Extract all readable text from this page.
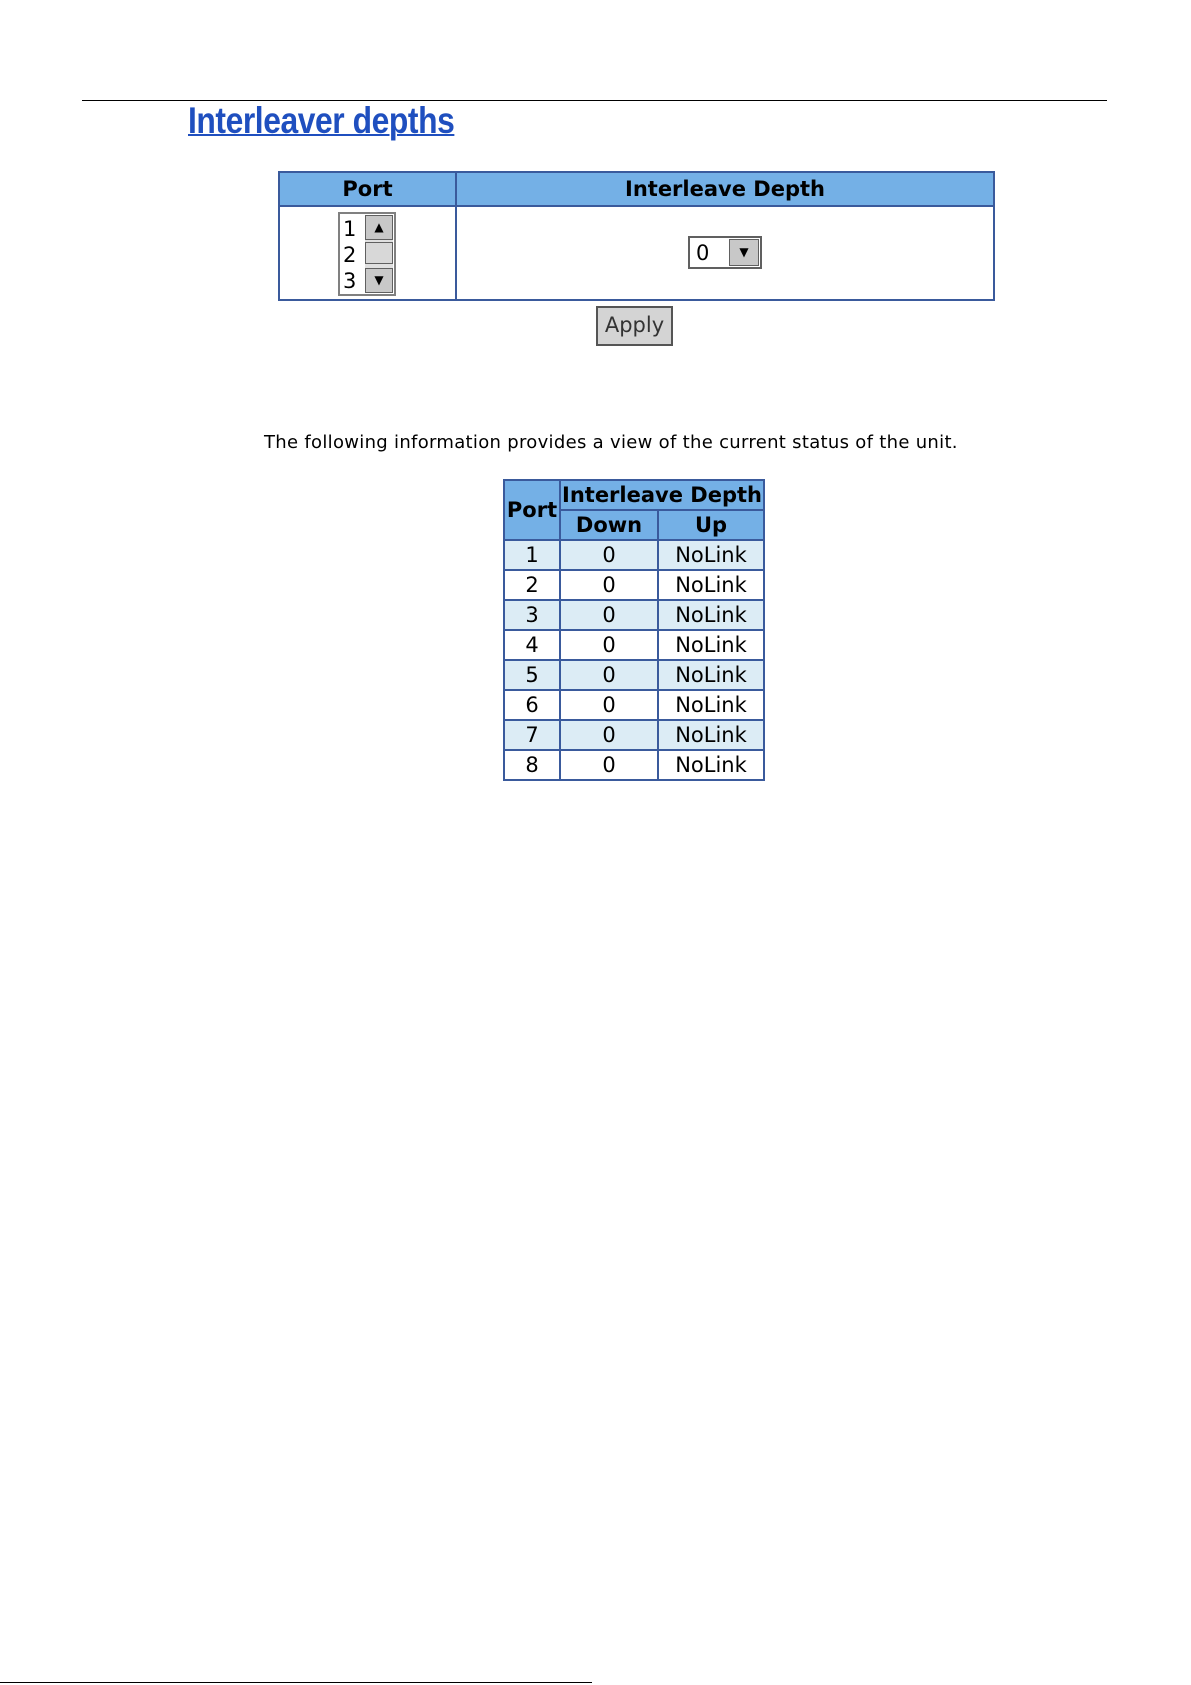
Interleaver depths
Port	Interleave Depth
1
2
3
▲
▼
0	▼
Apply
The following information provides a view of the current status of the unit.
Port	Interleave Depth	
	Down	Up
1	0	NoLink
2	0	NoLink
3	0	NoLink
4	0	NoLink
5	0	NoLink
6	0	NoLink
7	0	NoLink
8	0	NoLink
